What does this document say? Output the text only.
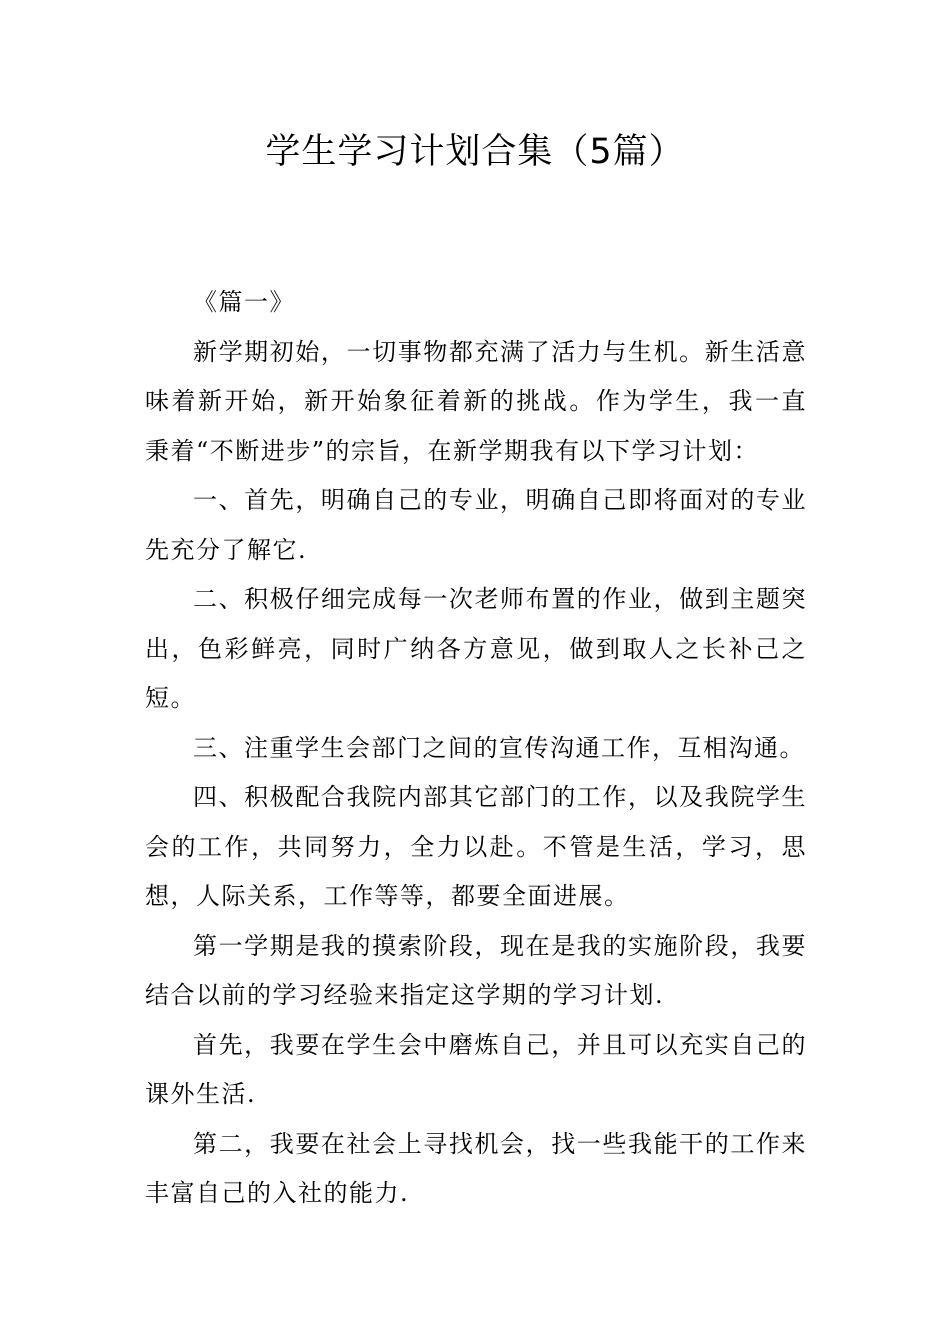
学生学习计划合集（5篇）

《篇一》

新学期初始，一切事物都充满了活力与生机。新生活意味着新开始，新开始象征着新的挑战。作为学生，我一直秉着“不断进步”的宗旨，在新学期我有以下学习计划：

一、首先，明确自己的专业，明确自己即将面对的专业先充分了解它.

二、积极仔细完成每一次老师布置的作业，做到主题突出，色彩鲜亮，同时广纳各方意见，做到取人之长补己之短。

三、注重学生会部门之间的宣传沟通工作，互相沟通。

四、积极配合我院内部其它部门的工作，以及我院学生会的工作，共同努力，全力以赴。不管是生活，学习，思想，人际关系，工作等等，都要全面进展。

第一学期是我的摸索阶段，现在是我的实施阶段，我要结合以前的学习经验来指定这学期的学习计划.

首先，我要在学生会中磨炼自己，并且可以充实自己的课外生活.

第二，我要在社会上寻找机会，找一些我能干的工作来丰富自己的入社的能力.
